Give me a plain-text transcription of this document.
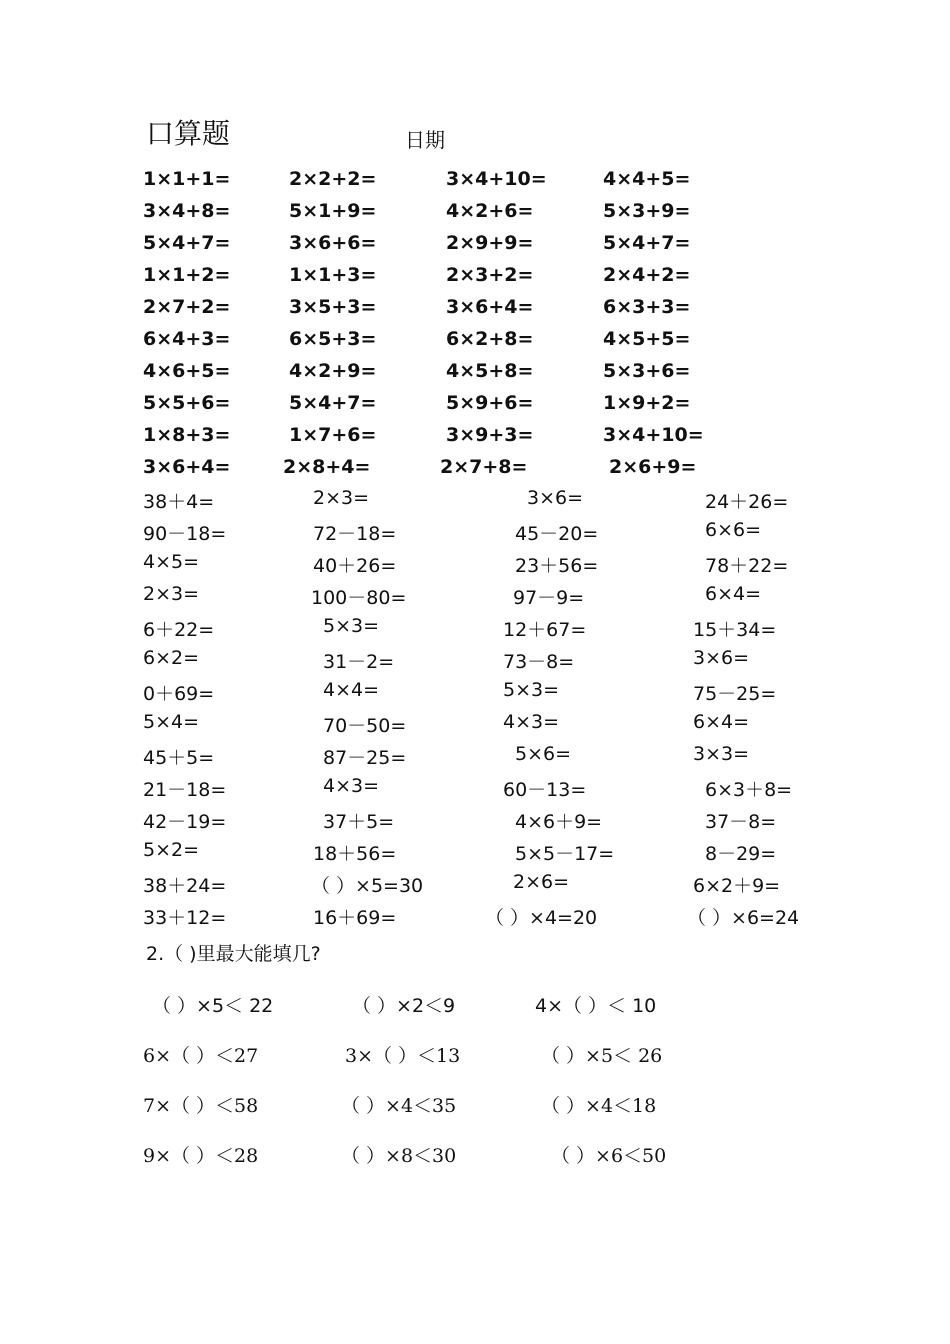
口算题	日期
1×1+1=	2×2+2=	3×4+10=	4×4+5=
3×4+8=	5×1+9=	4×2+6=	5×3+9=
5×4+7=	3×6+6=	2×9+9=	5×4+7=
1×1+2=	1×1+3=	2×3+2=	2×4+2=
2×7+2=	3×5+3=	3×6+4=	6×3+3=
6×4+3=	6×5+3=	6×2+8=	4×5+5=
4×6+5=	4×2+9=	4×5+8=	5×3+6=
5×5+6=	5×4+7=	5×9+6=	1×9+2=
1×8+3=	1×7+6=	3×9+3=	3×4+10=
3×6+4=	2×8+4=	2×7+8=	2×6+9=
38＋4=	2×3=	3×6=	24＋26=
90－18=	72－18=	45－20=	6×6=
4×5=	40＋26=	23＋56=	78＋22=
2×3=	100－80=	97－9=	6×4=
6＋22=	5×3=	12＋67=	15＋34=
6×2=	31－2=	73－8=	3×6=
0＋69=	4×4=	5×3=	75－25=
5×4=	70－50=	4×3=	6×4=
45＋5=	87－25=	5×6=	3×3=
21－18=	4×3=	60－13=	6×3＋8=
42－19=	37＋5=	4×6＋9=	37－8=
5×2=	18＋56=	5×5－17=	8－29=
38＋24=	（ ）×5=30	2×6=	6×2＋9=
33＋12=	16＋69=	（ ）×4=20	（ ）×6=24
2.（ )里最大能填几?
（ ）×5＜ 22	（ ）×2＜9	4×（ ）＜ 10
6×（ ）＜27	3×（ ）＜13	（ ）×5＜ 26
7×（ ）＜58	（ ）×4＜35	（ ）×4＜18
9×（ ）＜28	（ ）×8＜30	（ ）×6＜50
